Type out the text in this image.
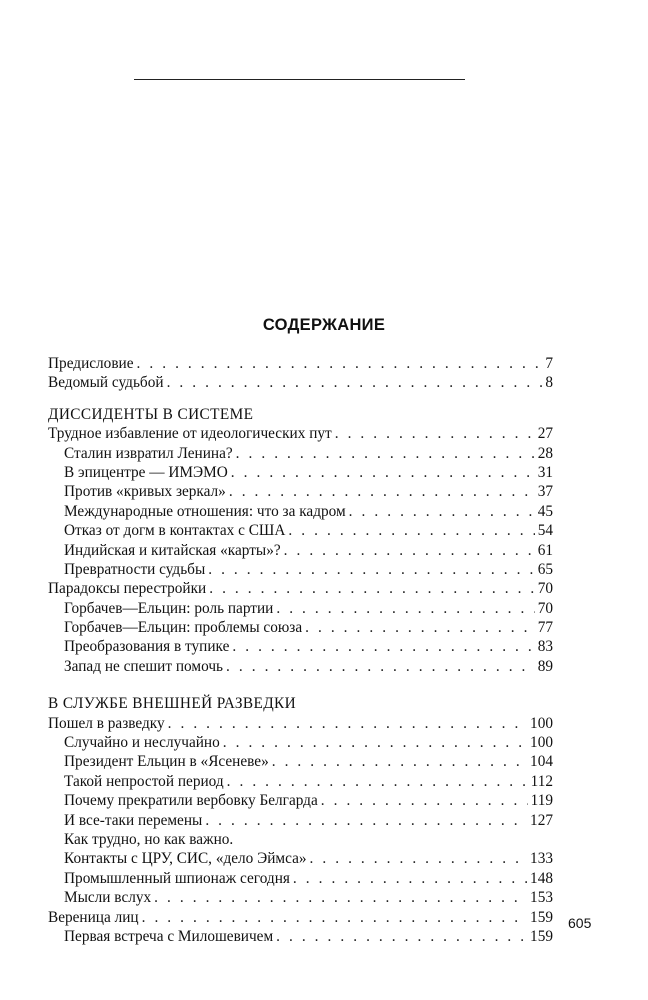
СОДЕРЖАНИЕ
Предисловие . . .	7
Ведомый судьбой . . .	8
ДИССИДЕНТЫ В СИСТЕМЕ
Трудное избавление от идеологических пут . . .	27
Сталин извратил Ленина? . . .	28
В эпицентре — ИМЭМО . . .	31
Против «кривых зеркал» . . .	37
Международные отношения: что за кадром . . .	45
Отказ от догм в контактах с США . . .	54
Индийская и китайская «карты»? . . .	61
Превратности судьбы . . .	65
Парадоксы перестройки . . .	70
Горбачев—Ельцин: роль партии . . .	70
Горбачев—Ельцин: проблемы союза . . .	77
Преобразования в тупике . . .	83
Запад не спешит помочь . . .	89
В СЛУЖБЕ ВНЕШНЕЙ РАЗВЕДКИ
Пошел в разведку . . .	100
Случайно и неслучайно . . .	100
Президент Ельцин в «Ясеневе» . . .	104
Такой непростой период . . .	112
Почему прекратили вербовку Белгарда . . .	119
И все-таки перемены . . .	127
Как трудно, но как важно.
Контакты с ЦРУ, СИС, «дело Эймса» . . .	133
Промышленный шпионаж сегодня . . .	148
Мысли вслух . . .	153
Вереница лиц . . .	159
Первая встреча с Милошевичем . . .	159
605
